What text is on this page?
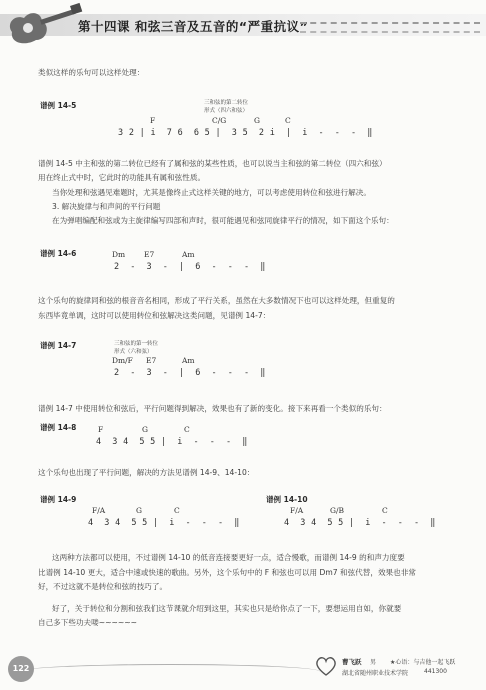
第十四课 和弦三音及五音的“严重抗议”
类似这样的乐句可以这样处理：
谱例 14-5	三和弦的第二转位
形式（四六和弦）
F	C/G	G	C
3 2 | i  7 6  6 5 |  3 5  2 i  |  i  -  -  -  ‖
谱例 14-5 中主和弦的第二转位已经有了属和弦的某些性质，也可以说当主和弦的第二转位（四六和弦）
用在终止式中时，它此时的功能具有属和弦性质。
当你处理和弦遇见难题时，尤其是像终止式这样关键的地方，可以考虑使用转位和弦进行解决。
3. 解决旋律与和声间的平行问题
在为弹唱编配和弦或为主旋律编写四部和声时，很可能遇见和弦同旋律平行的情况，如下面这个乐句：
谱例 14-6	Dm	E7	Am
2  -  3  -  |  6  -  -  -  ‖
这个乐句的旋律同和弦的根音音名相同，形成了平行关系，虽然在大多数情况下也可以这样处理，但重复的
东西毕竟单调，这时可以使用转位和弦解决这类问题，见谱例 14-7：
谱例 14-7	三和弦的第一转位
形式（六和弦）
Dm/F E7	Am
2  -  3  -  |  6  -  -  -  ‖
谱例 14-7 中使用转位和弦后，平行问题得到解决，效果也有了新的变化。接下来再看一个类似的乐句：
谱例 14-8	F	G	C
4  3 4  5 5 |  i  -  -  -  ‖
这个乐句也出现了平行问题，解决的方法见谱例 14-9、14-10：
谱例 14-9
F/A	G	C
4  3 4  5 5 |  i  -  -  -  ‖
谱例 14-10
F/A	G/B	C
4  3 4  5 5 |  i  -  -  -  ‖
这两种方法都可以使用，不过谱例 14-10 的低音连接要更好一点，适合慢歌，而谱例 14-9 的和声力度要
比谱例 14-10 更大，适合中速或快速的歌曲。另外，这个乐句中的 F 和弦也可以用 Dm7 和弦代替，效果也非常
好，不过这就不是转位和弦的技巧了。
好了，关于转位和分割和弦我们这节课就介绍到这里，其实也只是给你点了一下，要想运用自如，你就要
自己多下些功夫喽~~~~~~
122
曹飞跃 男 ★心语：与吉他一起飞跃
湖北省随州职业技术学院	441300
